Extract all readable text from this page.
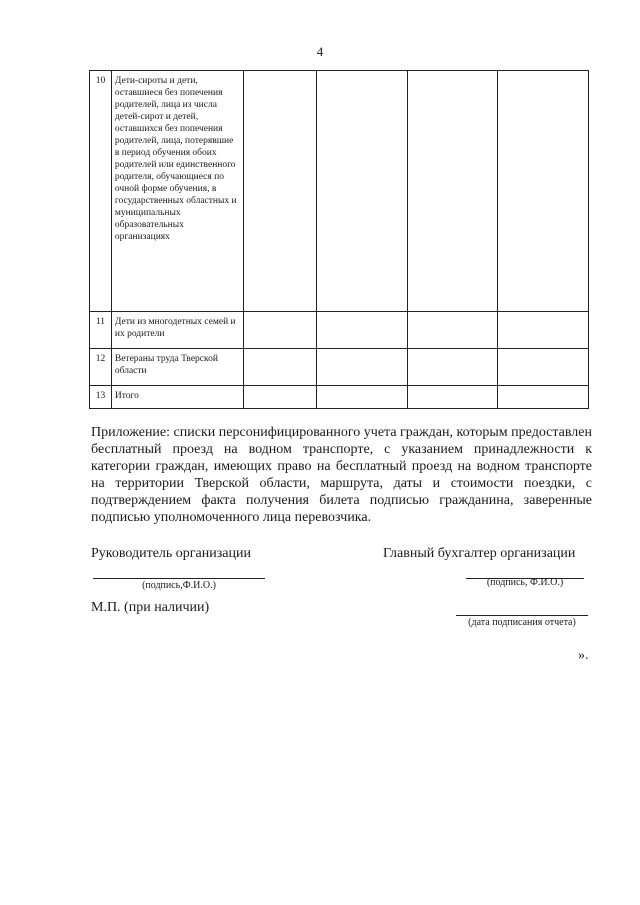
4
10	Дети-сироты и дети, оставшиеся без попечения родителей, лица из числа детей-сирот и детей, оставшихся без попечения родителей, лица, потерявшие в период обучения обоих родителей или единственного родителя, обучающиеся по очной форме обучения, в государственных областных и муниципальных образовательных организациях				
11	Дети из многодетных семей и их родители				
12	Ветераны труда Тверской области				
13	Итого				
Приложение: списки персонифицированного учета граждан, которым предоставлен бесплатный проезд на водном транспорте, с указанием принадлежности к категории граждан, имеющих право на бесплатный проезд на водном транспорте на территории Тверской области, маршрута, даты и стоимости поездки, с подтверждением факта получения билета подписью гражданина, заверенные подписью уполномоченного лица перевозчика.
Руководитель организации	Главный бухгалтер организации
(подпись,Ф.И.О.)	(подпись, Ф.И.О.)
М.П. (при наличии)
(дата подписания отчета)
».
